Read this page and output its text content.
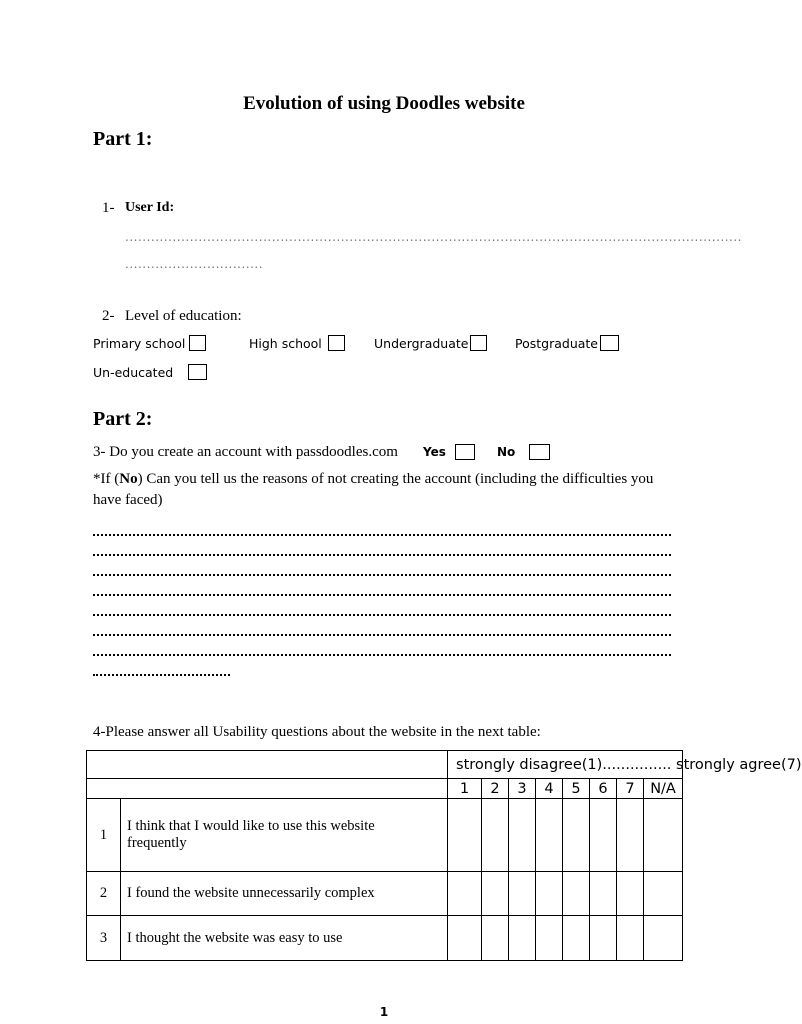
Evolution of using Doodles website
Part 1:
1- User Id:
...............................................................................................................................................
................................
2- Level of education:
Primary school	High school	Undergraduate	Postgraduate
Un-educated
Part 2:
3- Do you create an account with passdoodles.com Yes	No
*If (No) Can you tell us the reasons of not creating the account (including the difficulties you
have faced)
4-Please answer all Usability questions about the website in the next table:
		strongly disagree(1)............... strongly agree(7)							
		1	2	3	4	5	6	7	N/A
1	I think that I would like to use this website
frequently								
2	I found the website unnecessarily complex								
3	I thought the website was easy to use								
1
